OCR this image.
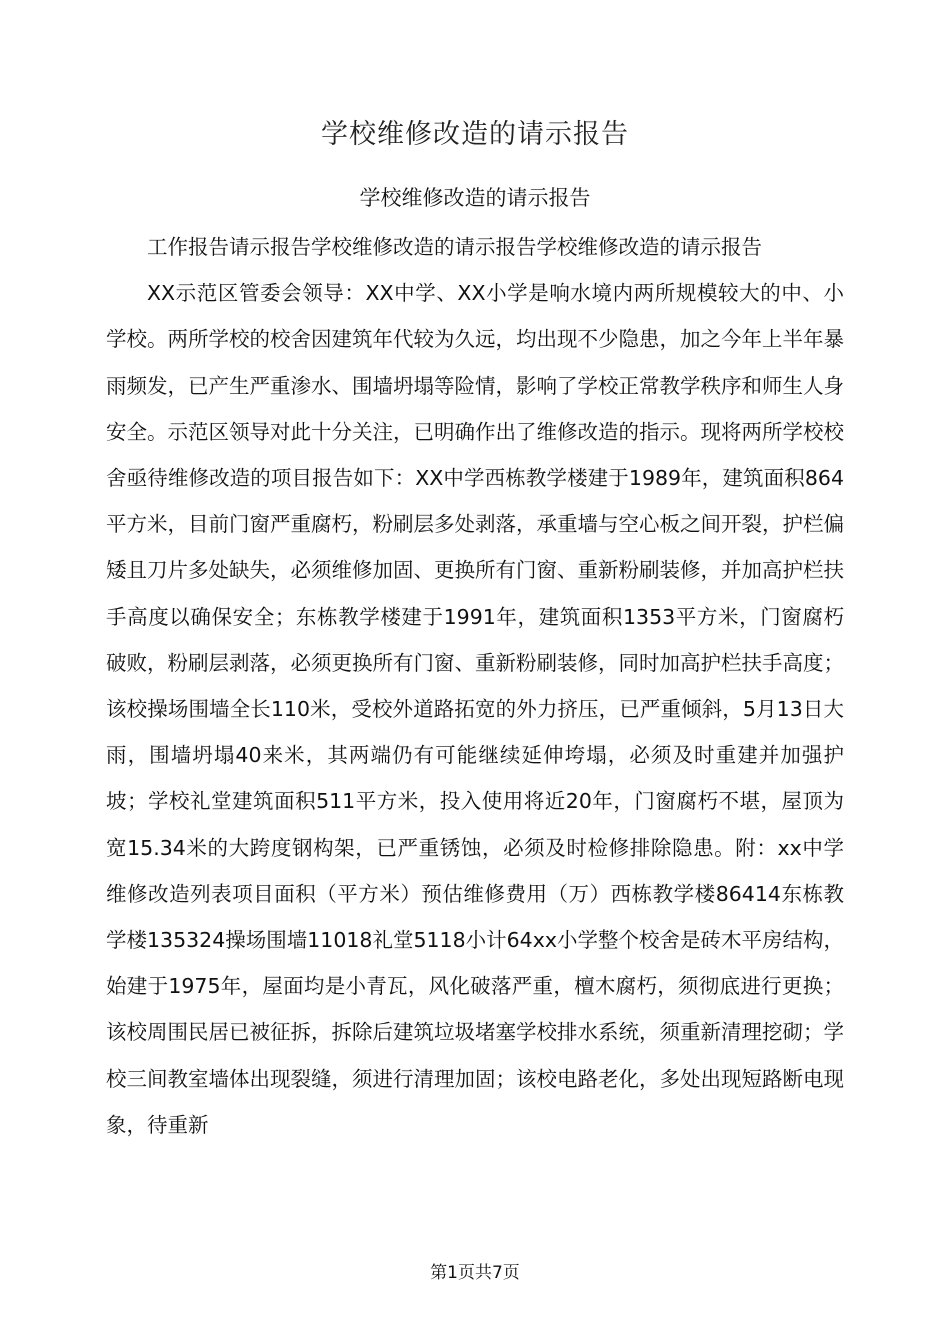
学校维修改造的请示报告
学校维修改造的请示报告

工作报告请示报告学校维修改造的请示报告学校维修改造的请示报告

XX示范区管委会领导：XX中学、XX小学是响水境内两所规模较大的中、小学校。两所学校的校舍因建筑年代较为久远，均出现不少隐患，加之今年上半年暴雨频发，已产生严重渗水、围墙坍塌等险情，影响了学校正常教学秩序和师生人身安全。示范区领导对此十分关注，已明确作出了维修改造的指示。现将两所学校校舍亟待维修改造的项目报告如下：XX中学西栋教学楼建于1989年，建筑面积864平方米，目前门窗严重腐朽，粉刷层多处剥落，承重墙与空心板之间开裂，护栏偏矮且刀片多处缺失，必须维修加固、更换所有门窗、重新粉刷装修，并加高护栏扶手高度以确保安全；东栋教学楼建于1991年，建筑面积1353平方米，门窗腐朽破败，粉刷层剥落，必须更换所有门窗、重新粉刷装修，同时加高护栏扶手高度；该校操场围墙全长110米，受校外道路拓宽的外力挤压，已严重倾斜，5月13日大雨，围墙坍塌40来米，其两端仍有可能继续延伸垮塌，必须及时重建并加强护坡；学校礼堂建筑面积511平方米，投入使用将近20年，门窗腐朽不堪，屋顶为宽15.34米的大跨度钢构架，已严重锈蚀，必须及时检修排除隐患。附：xx中学维修改造列表项目面积（平方米）预估维修费用（万）西栋教学楼86414东栋教学楼135324操场围墙11018礼堂5118小计64xx小学整个校舍是砖木平房结构，始建于1975年，屋面均是小青瓦，风化破落严重，檀木腐朽，须彻底进行更换；该校周围民居已被征拆，拆除后建筑垃圾堵塞学校排水系统，须重新清理挖砌；学校三间教室墙体出现裂缝，须进行清理加固；该校电路老化，多处出现短路断电现象，待重新

第1页共7页
